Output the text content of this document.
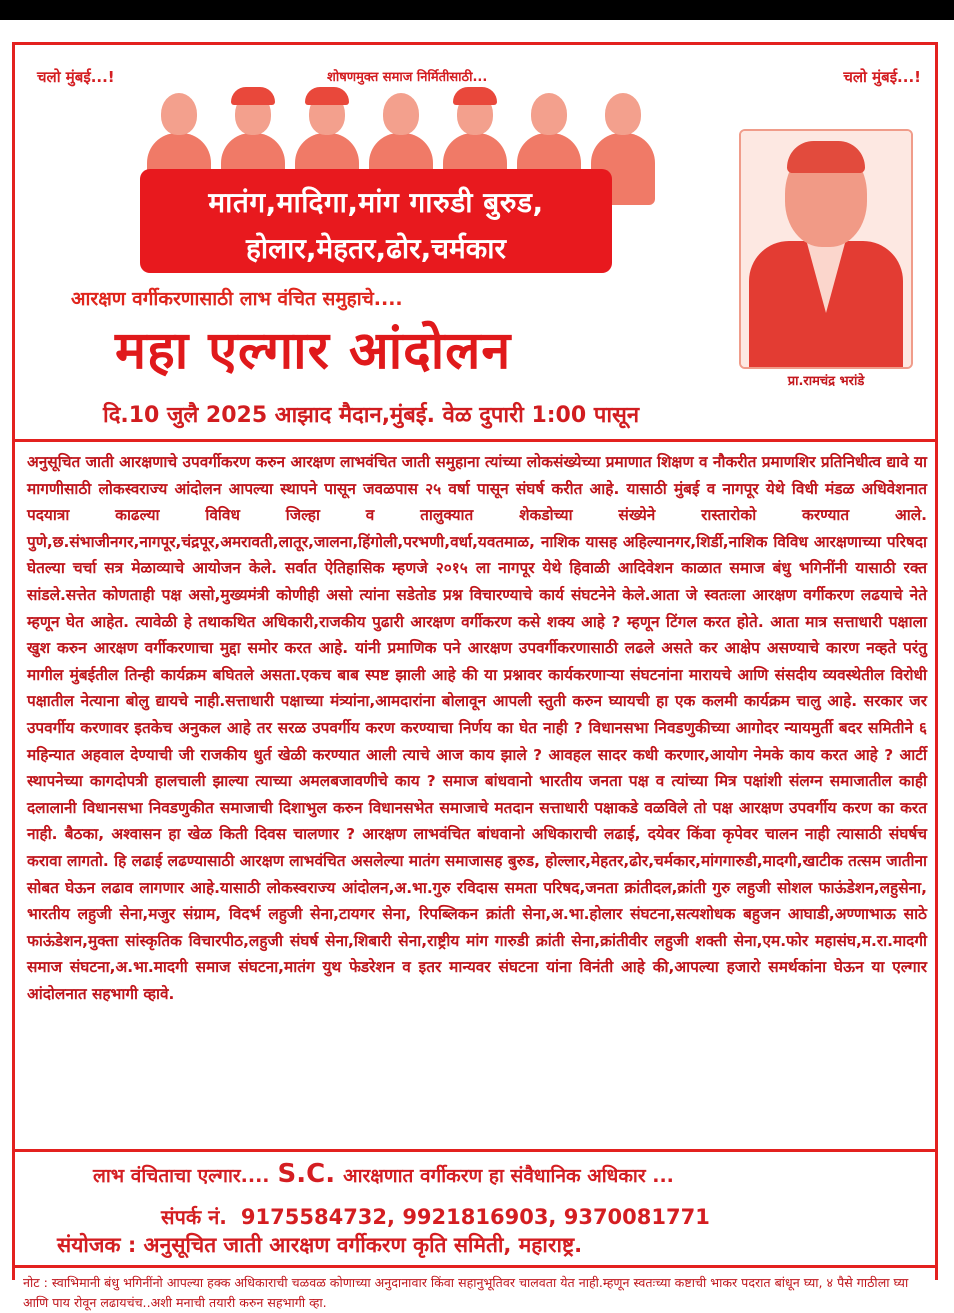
चलो मुंबई...!	शोषणमुक्त समाज निर्मितीसाठी...	चलो मुंबई...!
मातंग,मादिगा,मांग गारुडी बुरुड,
होलार,मेहतर,ढोर,चर्मकार
आरक्षण वर्गीकरणासाठी लाभ वंचित समुहाचे....
महा एल्गार आंदोलन
प्रा.रामचंद्र भरांडे
दि.10 जुलै 2025 आझाद मैदान,मुंबई. वेळ दुपारी 1:00 पासून
अनुसूचित जाती आरक्षणाचे उपवर्गीकरण करुन आरक्षण लाभवंचित जाती समुहाना त्यांच्या लोकसंख्येच्या प्रमाणात शिक्षण व नौकरीत प्रमाणशिर प्रतिनिधीत्व द्यावे या मागणीसाठी लोकस्वराज्य आंदोलन आपल्या स्थापने पासून जवळपास २५ वर्षा पासून संघर्ष करीत आहे. यासाठी मुंबई व नागपूर येथे विधी मंडळ अधिवेशनात पदयात्रा काढल्या विविध जिल्हा व तालुक्यात शेकडोच्या संख्येने रास्तारोको करण्यात आले. पुणे,छ.संभाजीनगर,नागपूर,चंद्रपूर,अमरावती,लातूर,जालना,हिंगोली,परभणी,वर्धा,यवतमाळ, नाशिक यासह अहिल्यानगर,शिर्डी,नाशिक विविध आरक्षणाच्या परिषदा घेतल्या चर्चा सत्र मेळाव्याचे आयोजन केले. सर्वात ऐतिहासिक म्हणजे २०१५ ला नागपूर येथे हिवाळी आदिवेशन काळात समाज बंधु भगिनींनी यासाठी रक्त सांडले.सत्तेत कोणताही पक्ष असो,मुख्यमंत्री कोणीही असो त्यांना सडेतोड प्रश्न विचारण्याचे कार्य संघटनेने केले.आता जे स्वतःला आरक्षण वर्गीकरण लढयाचे नेते म्हणून घेत आहेत. त्यावेळी हे तथाकथित अधिकारी,राजकीय पुढारी आरक्षण वर्गीकरण कसे शक्य आहे ? म्हणून टिंगल करत होते. आता मात्र सत्ताधारी पक्षाला खुश करुन आरक्षण वर्गीकरणाचा मुद्दा समोर करत आहे. यांनी प्रमाणिक पने आरक्षण उपवर्गीकरणासाठी लढले असते कर आक्षेप असण्याचे कारण नव्हते परंतु मागील मुंबईतील तिन्ही कार्यक्रम बघितले असता.एकच बाब स्पष्ट झाली आहे की या प्रश्नावर कार्यकरणाऱ्या संघटनांना मारायचे आणि संसदीय व्यवस्थेतील विरोधी पक्षातील नेत्याना बोलु द्यायचे नाही.सत्ताधारी पक्षाच्या मंत्र्यांना,आमदारांना बोलावून आपली स्तुती करुन घ्यायची हा एक कलमी कार्यक्रम चालु आहे. सरकार जर उपवर्गीय करणावर इतकेच अनुकल आहे तर सरळ उपवर्गीय करण करण्याचा निर्णय का घेत नाही ? विधानसभा निवडणुकीच्या आगोदर न्यायमुर्ती बदर समितीने ६ महिन्यात अहवाल देण्याची जी राजकीय धुर्त खेळी करण्यात आली त्याचे आज काय झाले ? आवहल सादर कधी करणार,आयोग नेमके काय करत आहे ? आर्टी स्थापनेच्या कागदोपत्री हालचाली झाल्या त्याच्या अमलबजावणीचे काय ? समाज बांधवानो भारतीय जनता पक्ष व त्यांच्या मित्र पक्षांशी संलग्न समाजातील काही दलालानी विधानसभा निवडणुकीत समाजाची दिशाभुल करुन विधानसभेत समाजाचे मतदान सत्ताधारी पक्षाकडे वळविले तो पक्ष आरक्षण उपवर्गीय करण का करत नाही. बैठका, अश्वासन हा खेळ किती दिवस चालणार ? आरक्षण लाभवंचित बांधवानो अधिकाराची लढाई, दयेवर किंवा कृपेवर चालन नाही त्यासाठी संघर्षच करावा लागतो. हि लढाई लढण्यासाठी आरक्षण लाभवंचित असलेल्या मातंग समाजासह बुरुड, होल्लार,मेहतर,ढोर,चर्मकार,मांगगारुडी,मादगी,खाटीक तत्सम जातीना सोबत घेऊन लढाव लागणार आहे.यासाठी लोकस्वराज्य आंदोलन,अ.भा.गुरु रविदास समता परिषद,जनता क्रांतीदल,क्रांती गुरु लहुजी सोशल फाऊंडेशन,लहुसेना, भारतीय लहुजी सेना,मजुर संग्राम, विदर्भ लहुजी सेना,टायगर सेना, रिपब्लिकन क्रांती सेना,अ.भा.होलार संघटना,सत्यशोधक बहुजन आघाडी,अण्णाभाऊ साठे फाऊंडेशन,मुक्ता सांस्कृतिक विचारपीठ,लहुजी संघर्ष सेना,शिबारी सेना,राष्ट्रीय मांग गारुडी क्रांती सेना,क्रांतीवीर लहुजी शक्ती सेना,एम.फोर महासंघ,म.रा.मादगी समाज संघटना,अ.भा.मादगी समाज संघटना,मातंग युथ फेडरेशन व इतर मान्यवर संघटना यांना विनंती आहे की,आपल्या हजारो समर्थकांना घेऊन या एल्गार आंदोलनात सहभागी व्हावे.
लाभ वंचिताचा एल्गार.... S.C. आरक्षणात वर्गीकरण हा संवैधानिक अधिकार ...
संपर्क नं. 9175584732, 9921816903, 9370081771
संयोजक : अनुसूचित जाती आरक्षण वर्गीकरण कृति समिती, महाराष्ट्र.
नोट : स्वाभिमानी बंधु भगिनींनो आपल्या हक्क अधिकाराची चळवळ कोणाच्या अनुदानावार किंवा सहानुभूतिवर चालवता येत नाही.म्हणून स्वतःच्या कष्टाची भाकर पदरात बांधून घ्या, ४ पैसे गाठीला घ्या आणि पाय रोवून लढायचंच..अशी मनाची तयारी करुन सहभागी व्हा.
